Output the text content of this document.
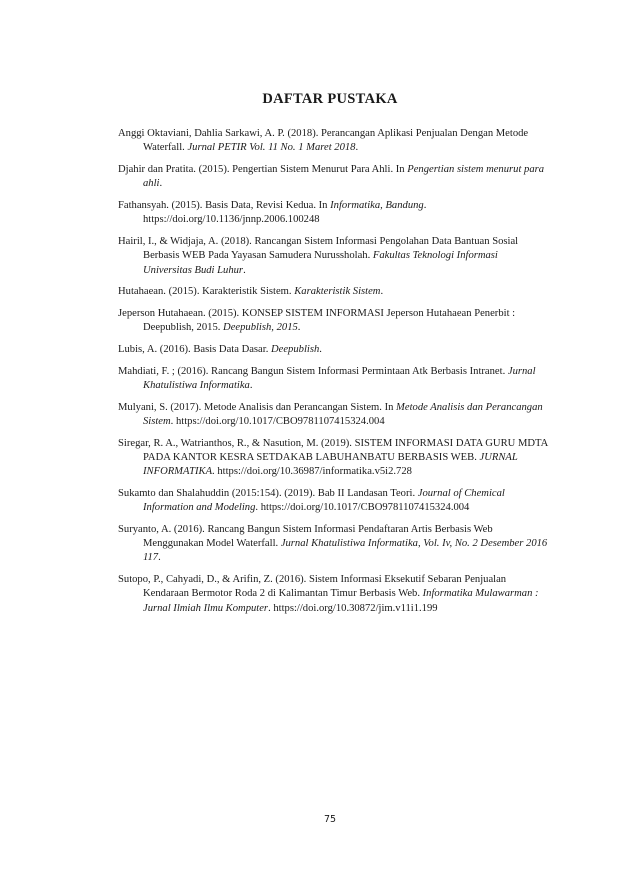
DAFTAR PUSTAKA
Anggi Oktaviani, Dahlia Sarkawi, A. P. (2018). Perancangan Aplikasi Penjualan Dengan Metode Waterfall. Jurnal PETIR Vol. 11 No. 1 Maret 2018.
Djahir dan Pratita. (2015). Pengertian Sistem Menurut Para Ahli. In Pengertian sistem menurut para ahli.
Fathansyah. (2015). Basis Data, Revisi Kedua. In Informatika, Bandung. https://doi.org/10.1136/jnnp.2006.100248
Hairil, I., & Widjaja, A. (2018). Rancangan Sistem Informasi Pengolahan Data Bantuan Sosial Berbasis WEB Pada Yayasan Samudera Nurussholah. Fakultas Teknologi Informasi Universitas Budi Luhur.
Hutahaean. (2015). Karakteristik Sistem. Karakteristik Sistem.
Jeperson Hutahaean. (2015). KONSEP SISTEM INFORMASI Jeperson Hutahaean Penerbit : Deepublish, 2015. Deepublish, 2015.
Lubis, A. (2016). Basis Data Dasar. Deepublish.
Mahdiati, F. ; (2016). Rancang Bangun Sistem Informasi Permintaan Atk Berbasis Intranet. Jurnal Khatulistiwa Informatika.
Mulyani, S. (2017). Metode Analisis dan Perancangan Sistem. In Metode Analisis dan Perancangan Sistem. https://doi.org/10.1017/CBO9781107415324.004
Siregar, R. A., Watrianthos, R., & Nasution, M. (2019). SISTEM INFORMASI DATA GURU MDTA PADA KANTOR KESRA SETDAKAB LABUHANBATU BERBASIS WEB. JURNAL INFORMATIKA. https://doi.org/10.36987/informatika.v5i2.728
Sukamto dan Shalahuddin (2015:154). (2019). Bab II Landasan Teori. Journal of Chemical Information and Modeling. https://doi.org/10.1017/CBO9781107415324.004
Suryanto, A. (2016). Rancang Bangun Sistem Informasi Pendaftaran Artis Berbasis Web Menggunakan Model Waterfall. Jurnal Khatulistiwa Informatika, Vol. Iv, No. 2 Desember 2016 117.
Sutopo, P., Cahyadi, D., & Arifin, Z. (2016). Sistem Informasi Eksekutif Sebaran Penjualan Kendaraan Bermotor Roda 2 di Kalimantan Timur Berbasis Web. Informatika Mulawarman : Jurnal Ilmiah Ilmu Komputer. https://doi.org/10.30872/jim.v11i1.199
75
